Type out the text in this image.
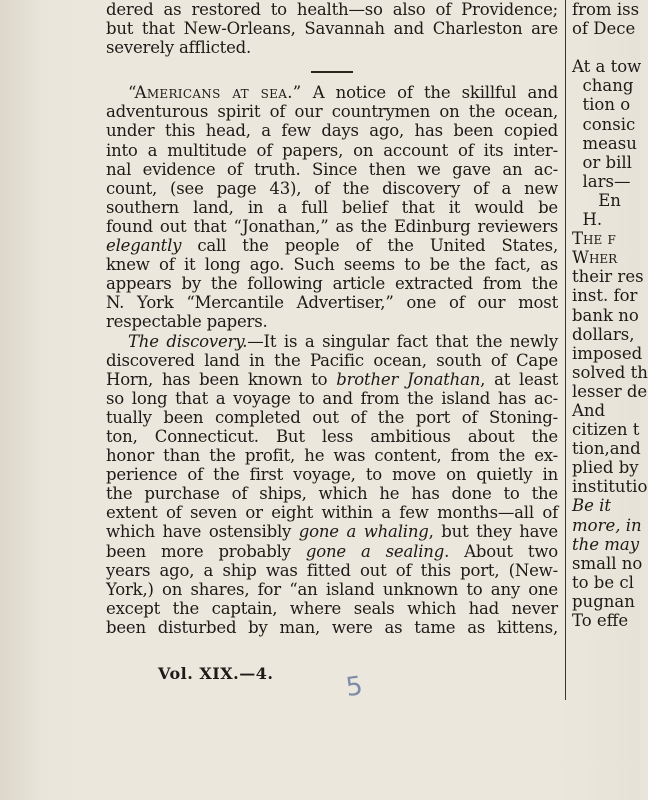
dered as restored to health—so also of Providence;
but that New-Orleans, Savannah and Charleston are
severely afflicted.
“Americans at sea.” A notice of the skillful and
adventurous spirit of our countrymen on the ocean,
under this head, a few days ago, has been copied
into a multitude of papers, on account of its inter-
nal evidence of truth. Since then we gave an ac-
count, (see page 43), of the discovery of a new
southern land, in a full belief that it would be
found out that “Jonathan,” as the Edinburg reviewers
elegantly call the people of the United States,
knew of it long ago. Such seems to be the fact, as
appears by the following article extracted from the
N. York “Mercantile Advertiser,” one of our most
respectable papers.
The discovery.—It is a singular fact that the newly
discovered land in the Pacific ocean, south of Cape
Horn, has been known to brother Jonathan, at least
so long that a voyage to and from the island has ac-
tually been completed out of the port of Stoning-
ton, Connecticut. But less ambitious about the
honor than the profit, he was content, from the ex-
perience of the first voyage, to move on quietly in
the purchase of ships, which he has done to the
extent of seven or eight within a few months—all of
which have ostensibly gone a whaling, but they have
been more probably gone a sealing. About two
years ago, a ship was fitted out of this port, (New-
York,) on shares, for “an island unknown to any one
except the captain, where seals which had never
been disturbed by man, were as tame as kittens,
Vol. XIX.—4.	5
from iss
of Dece
At a tow
chang
tion o
consic
measu
or bill
lars—
En
H.
The f
Wher
their res
inst. for
bank no
dollars,
imposed
solved th
lesser de
And
citizen t
tion,and
plied by
institutio
Be it
more, in
the may
small no
to be cl
pugnan
To effe
